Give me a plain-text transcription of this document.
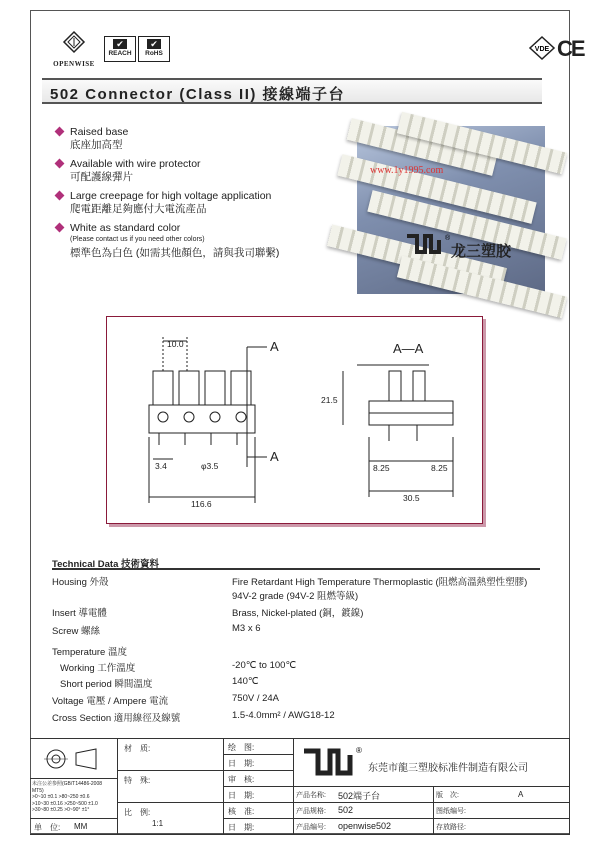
OPENWISE
✔
REACH
✔
RoHS
VDE CE
502 Connector (Class II) 接線端子台
Raised base
底座加高型
Available with wire protector
可配護線彈片
Large creepage for high voltage application
爬電距離足夠應付大電流產品
White as standard color
(Please contact us if you need other colors)
標準色為白色 (如需其他顏色，請與我司聯繫)
www.1y1995.com
®
龙三塑胶
10.0	A
A
3.4	φ3.5
116.6
A—A
21.5
8.25	8.25
30.5
Technical Data 技術資料
Housing 外殼	Fire Retardant High Temperature Thermoplastic (阻燃高溫熱塑性塑膠)
94V-2 grade (94V-2 阻燃等級)
Insert 導電體	Brass, Nickel-plated (銅，鍍鎳)
Screw 螺絲	M3 x 6
Temperature 溫度
Working 工作溫度	-20℃ to 100℃
Short period 瞬間溫度	140℃
Voltage 電壓 / Ampere 電流	750V / 24A
Cross Section 適用線徑及線號	1.5-4.0mm² / AWG18-12
未注公差参照(GB/T14486-2008 MT5)
>0~10 ±0.1 >80~250 ±0.6
>10~30 ±0.16 >250~500 ±1.0
>30~80 ±0.25 >0~90° ±1°
单　位: MM
材　质:
特　殊:
比　例:
1:1
绘　图:
日　期:
审　核:
日　期:
核　准:
日　期:
®
东莞市龍三塑胶标准件制造有限公司
产品名称: 502端子台
产品规格: 502
产品编号: openwise502
版　次:	A
图纸编号:
存放路径:
